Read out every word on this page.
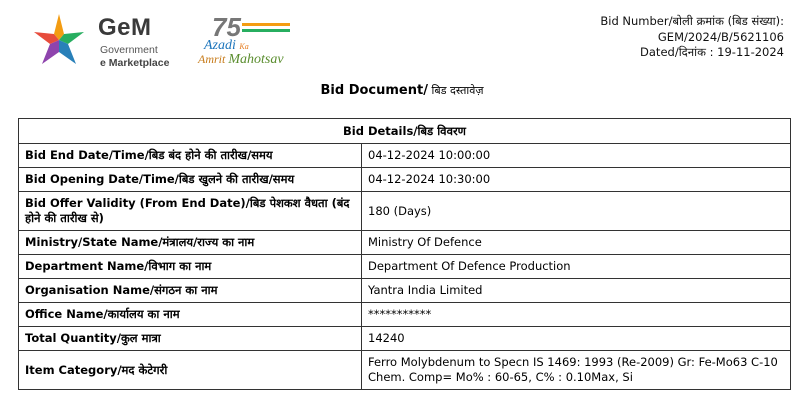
GeM
Government
e Marketplace
75
Azadi Ka
Amrit Mahotsav
Bid Number/बोली क्रमांक (बिड संख्या):
GEM/2024/B/5621106
Dated/दिनांक : 19-11-2024
Bid Document/ बिड दस्तावेज़
Bid Details/बिड विवरण	
Bid End Date/Time/बिड बंद होने की तारीख/समय	04-12-2024 10:00:00
Bid Opening Date/Time/बिड खुलने की तारीख/समय	04-12-2024 10:30:00
Bid Offer Validity (From End Date)/बिड पेशकश वैधता (बंद होने की तारीख से)	180 (Days)
Ministry/State Name/मंत्रालय/राज्य का नाम	Ministry Of Defence
Department Name/विभाग का नाम	Department Of Defence Production
Organisation Name/संगठन का नाम	Yantra India Limited
Office Name/कार्यालय का नाम	***********
Total Quantity/कुल मात्रा	14240
Item Category/मद केटेगरी	Ferro Molybdenum to Specn IS 1469: 1993 (Re-2009) Gr: Fe-Mo63 C-10 Chem. Comp= Mo% : 60-65, C% : 0.10Max, Si
